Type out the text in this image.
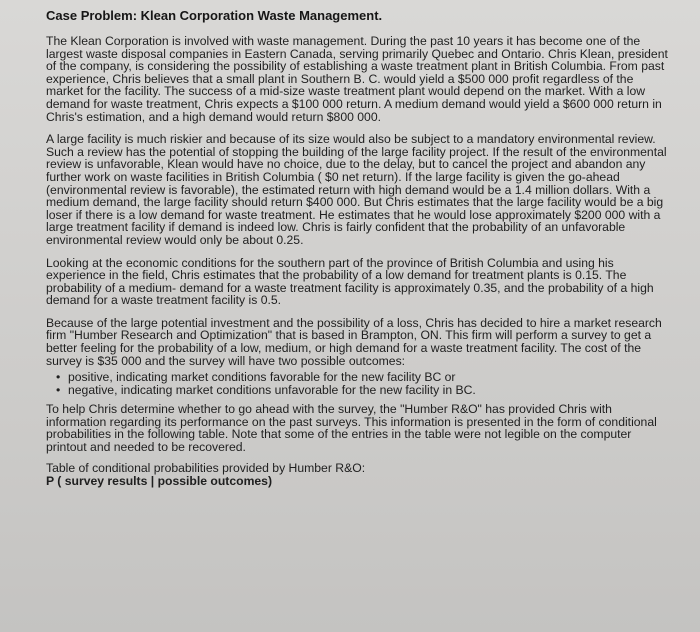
Case Problem: Klean Corporation Waste Management.

The Klean Corporation is involved with waste management. During the past 10 years it has become one of the largest waste disposal companies in Eastern Canada, serving primarily Quebec and Ontario. Chris Klean, president of the company, is considering the possibility of establishing a waste treatment plant in British Columbia. From past experience, Chris believes that a small plant in Southern B. C. would yield a $500 000 profit regardless of the market for the facility. The success of a mid-size waste treatment plant would depend on the market. With a low demand for waste treatment, Chris expects a $100 000 return. A medium demand would yield a $600 000 return in Chris's estimation, and a high demand would return $800 000.

A large facility is much riskier and because of its size would also be subject to a mandatory environmental review. Such a review has the potential of stopping the building of the large facility project. If the result of the environmental review is unfavorable, Klean would have no choice, due to the delay, but to cancel the project and abandon any further work on waste facilities in British Columbia ( $0 net return). If the large facility is given the go-ahead (environmental review is favorable), the estimated return with high demand would be a 1.4 million dollars. With a medium demand, the large facility should return $400 000. But Chris estimates that the large facility would be a big loser if there is a low demand for waste treatment. He estimates that he would lose approximately $200 000 with a large treatment facility if demand is indeed low. Chris is fairly confident that the probability of an unfavorable environmental review would only be about 0.25.

Looking at the economic conditions for the southern part of the province of British Columbia and using his experience in the field, Chris estimates that the probability of a low demand for treatment plants is 0.15. The probability of a medium- demand for a waste treatment facility is approximately 0.35, and the probability of a high demand for a waste treatment facility is 0.5.

Because of the large potential investment and the possibility of a loss, Chris has decided to hire a market research firm "Humber Research and Optimization" that is based in Brampton, ON. This firm will perform a survey to get a better feeling for the probability of a low, medium, or high demand for a waste treatment facility. The cost of the survey is $35 000 and the survey will have two possible outcomes:

• positive, indicating market conditions favorable for the new facility BC or
• negative, indicating market conditions unfavorable for the new facility in BC.

To help Chris determine whether to go ahead with the survey, the "Humber R&O" has provided Chris with information regarding its performance on the past surveys. This information is presented in the form of conditional probabilities in the following table. Note that some of the entries in the table were not legible on the computer printout and needed to be recovered.

Table of conditional probabilities provided by Humber R&O:
P ( survey results | possible outcomes)
